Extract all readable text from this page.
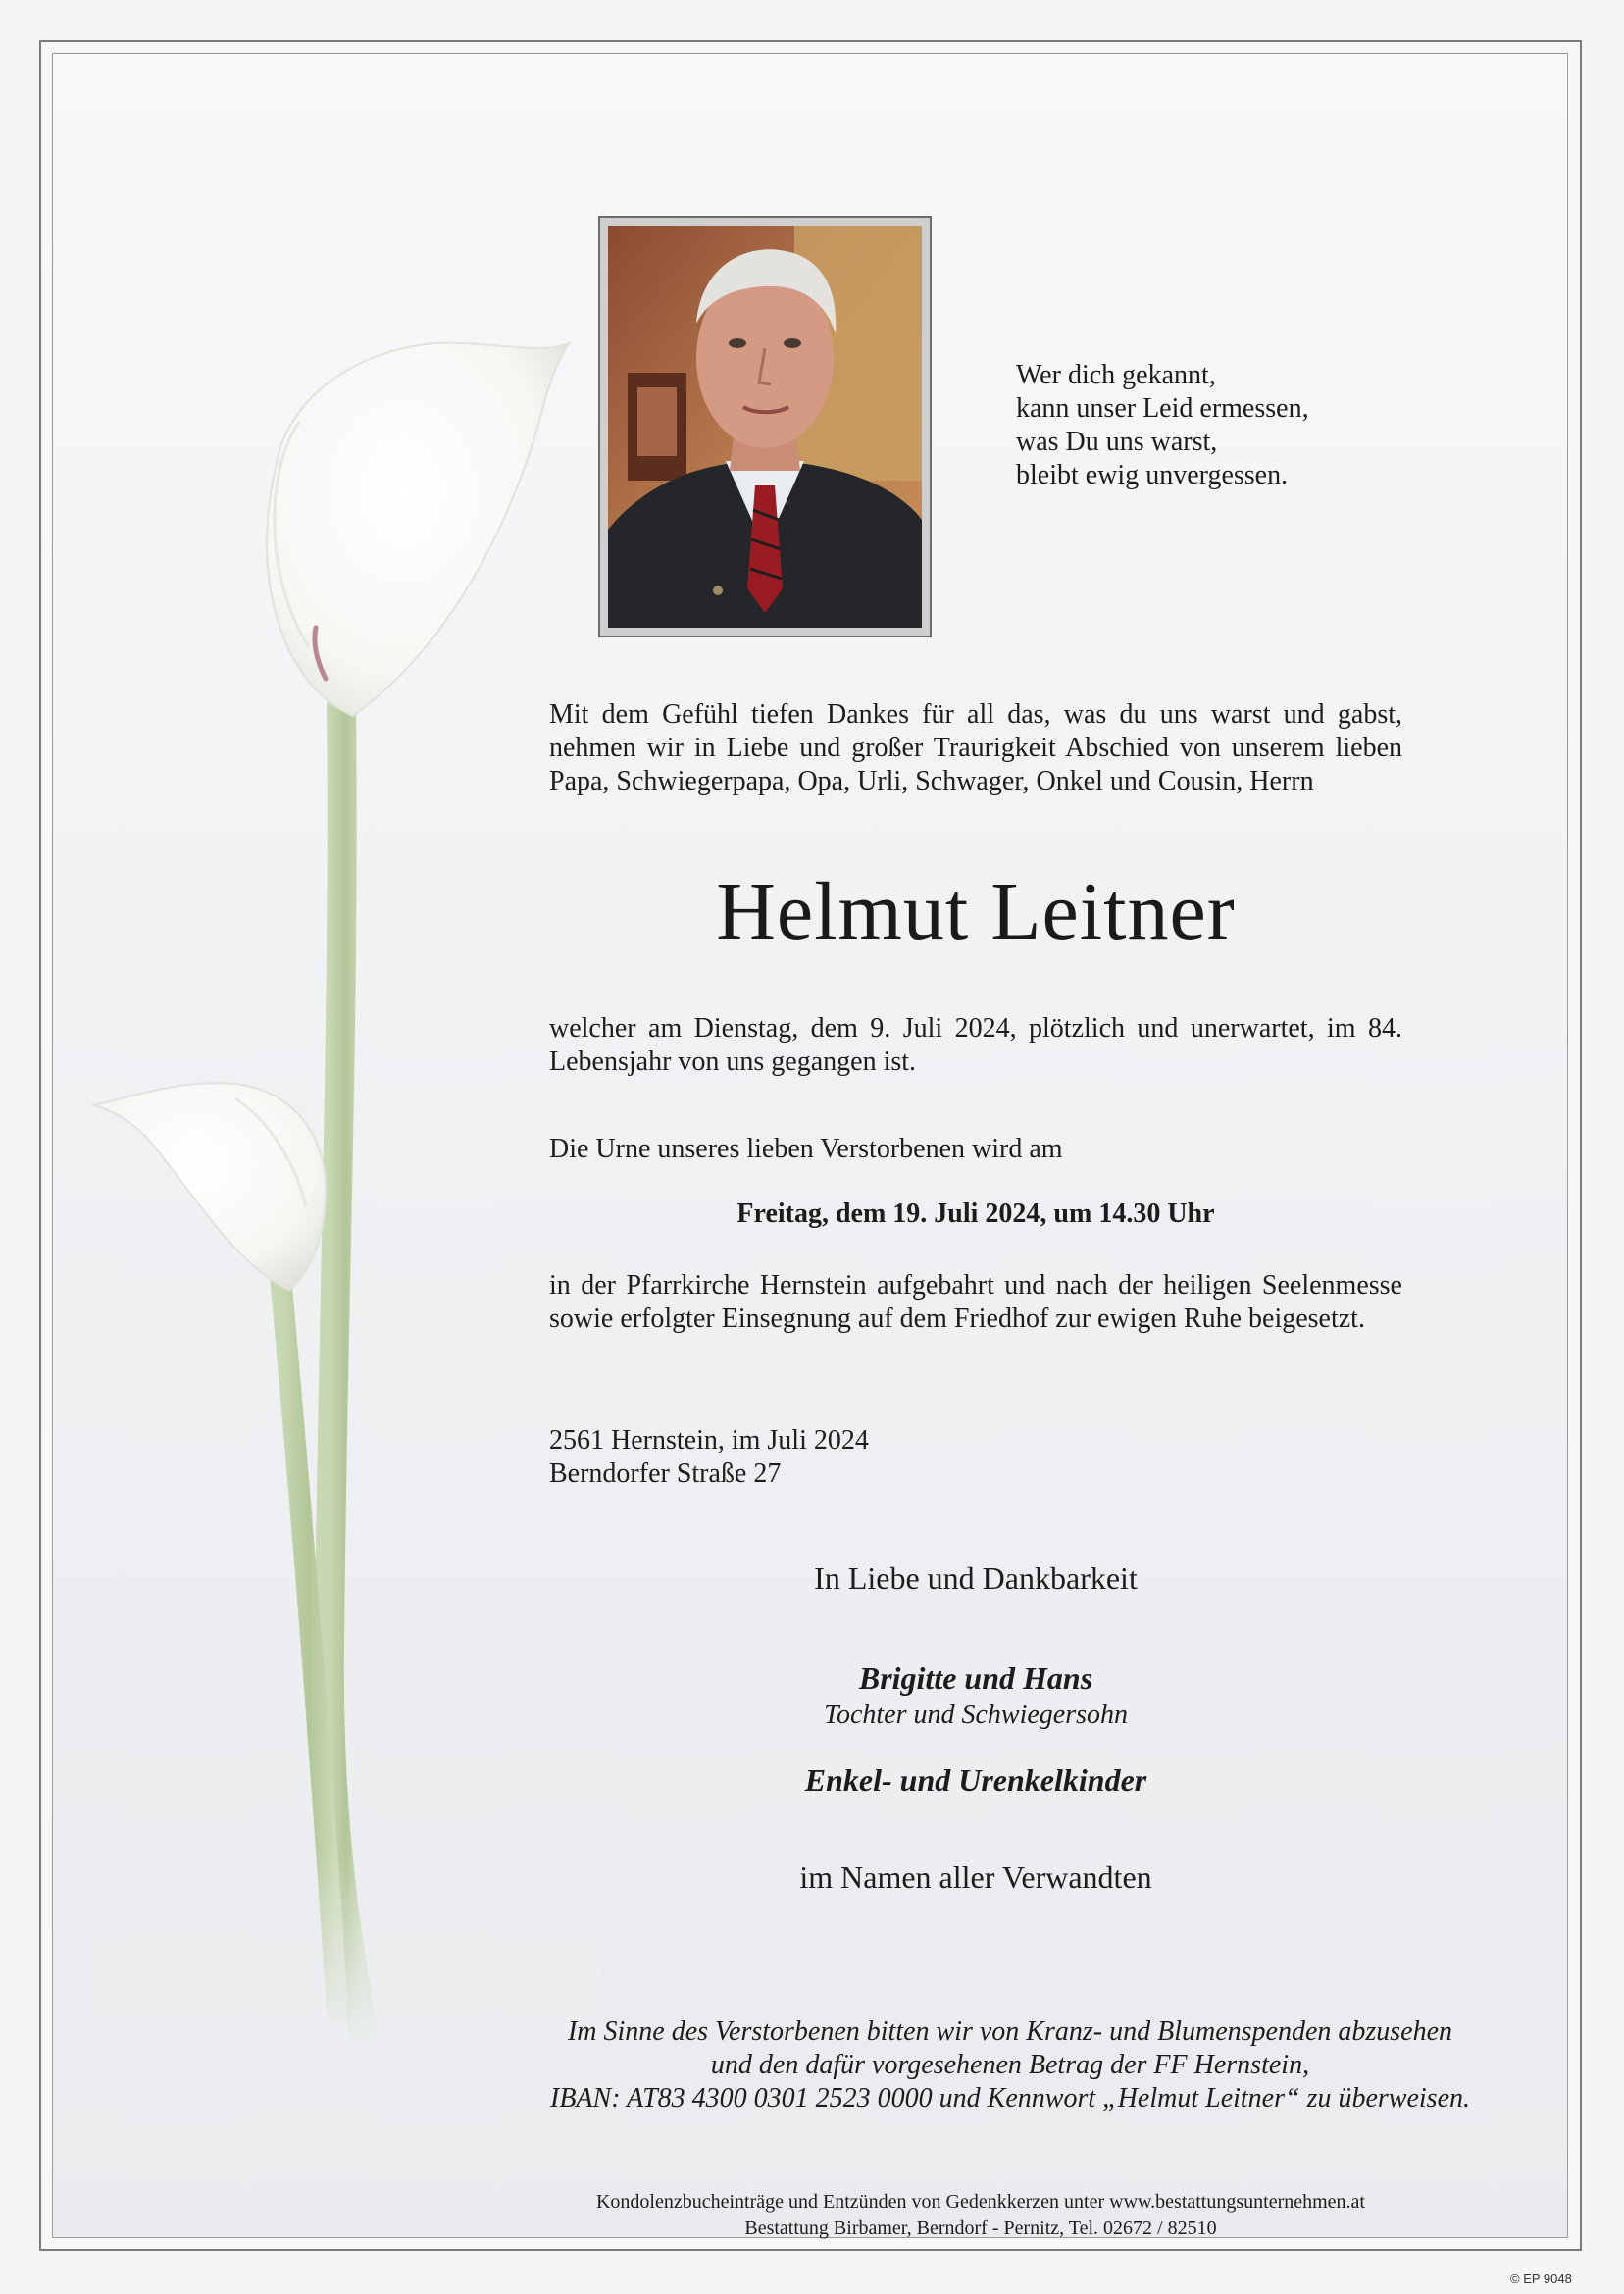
Wer dich gekannt,
kann unser Leid ermessen,
was Du uns warst,
bleibt ewig unvergessen.
Mit dem Gefühl tiefen Dankes für all das, was du uns warst und gabst, nehmen wir in Liebe und großer Traurigkeit Abschied von unserem lieben Papa, Schwiegerpapa, Opa, Urli, Schwager, Onkel und Cousin, Herrn
Helmut Leitner
welcher am Dienstag, dem 9. Juli 2024, plötzlich und unerwartet, im 84. Lebensjahr von uns gegangen ist.
Die Urne unseres lieben Verstorbenen wird am
Freitag, dem 19. Juli 2024, um 14.30 Uhr
in der Pfarrkirche Hernstein aufgebahrt und nach der heiligen Seelenmesse sowie erfolgter Einsegnung auf dem Friedhof zur ewigen Ruhe beigesetzt.
2561 Hernstein, im Juli 2024
Berndorfer Straße 27
In Liebe und Dankbarkeit
Brigitte und Hans
Tochter und Schwiegersohn
Enkel- und Urenkelkinder
im Namen aller Verwandten
Im Sinne des Verstorbenen bitten wir von Kranz- und Blumenspenden abzusehen
und den dafür vorgesehenen Betrag der FF Hernstein,
IBAN: AT83 4300 0301 2523 0000 und Kennwort „Helmut Leitner“ zu überweisen.
Kondolenzbucheinträge und Entzünden von Gedenkkerzen unter www.bestattungsunternehmen.at
Bestattung Birbamer, Berndorf - Pernitz, Tel. 02672 / 82510
© EP 9048
